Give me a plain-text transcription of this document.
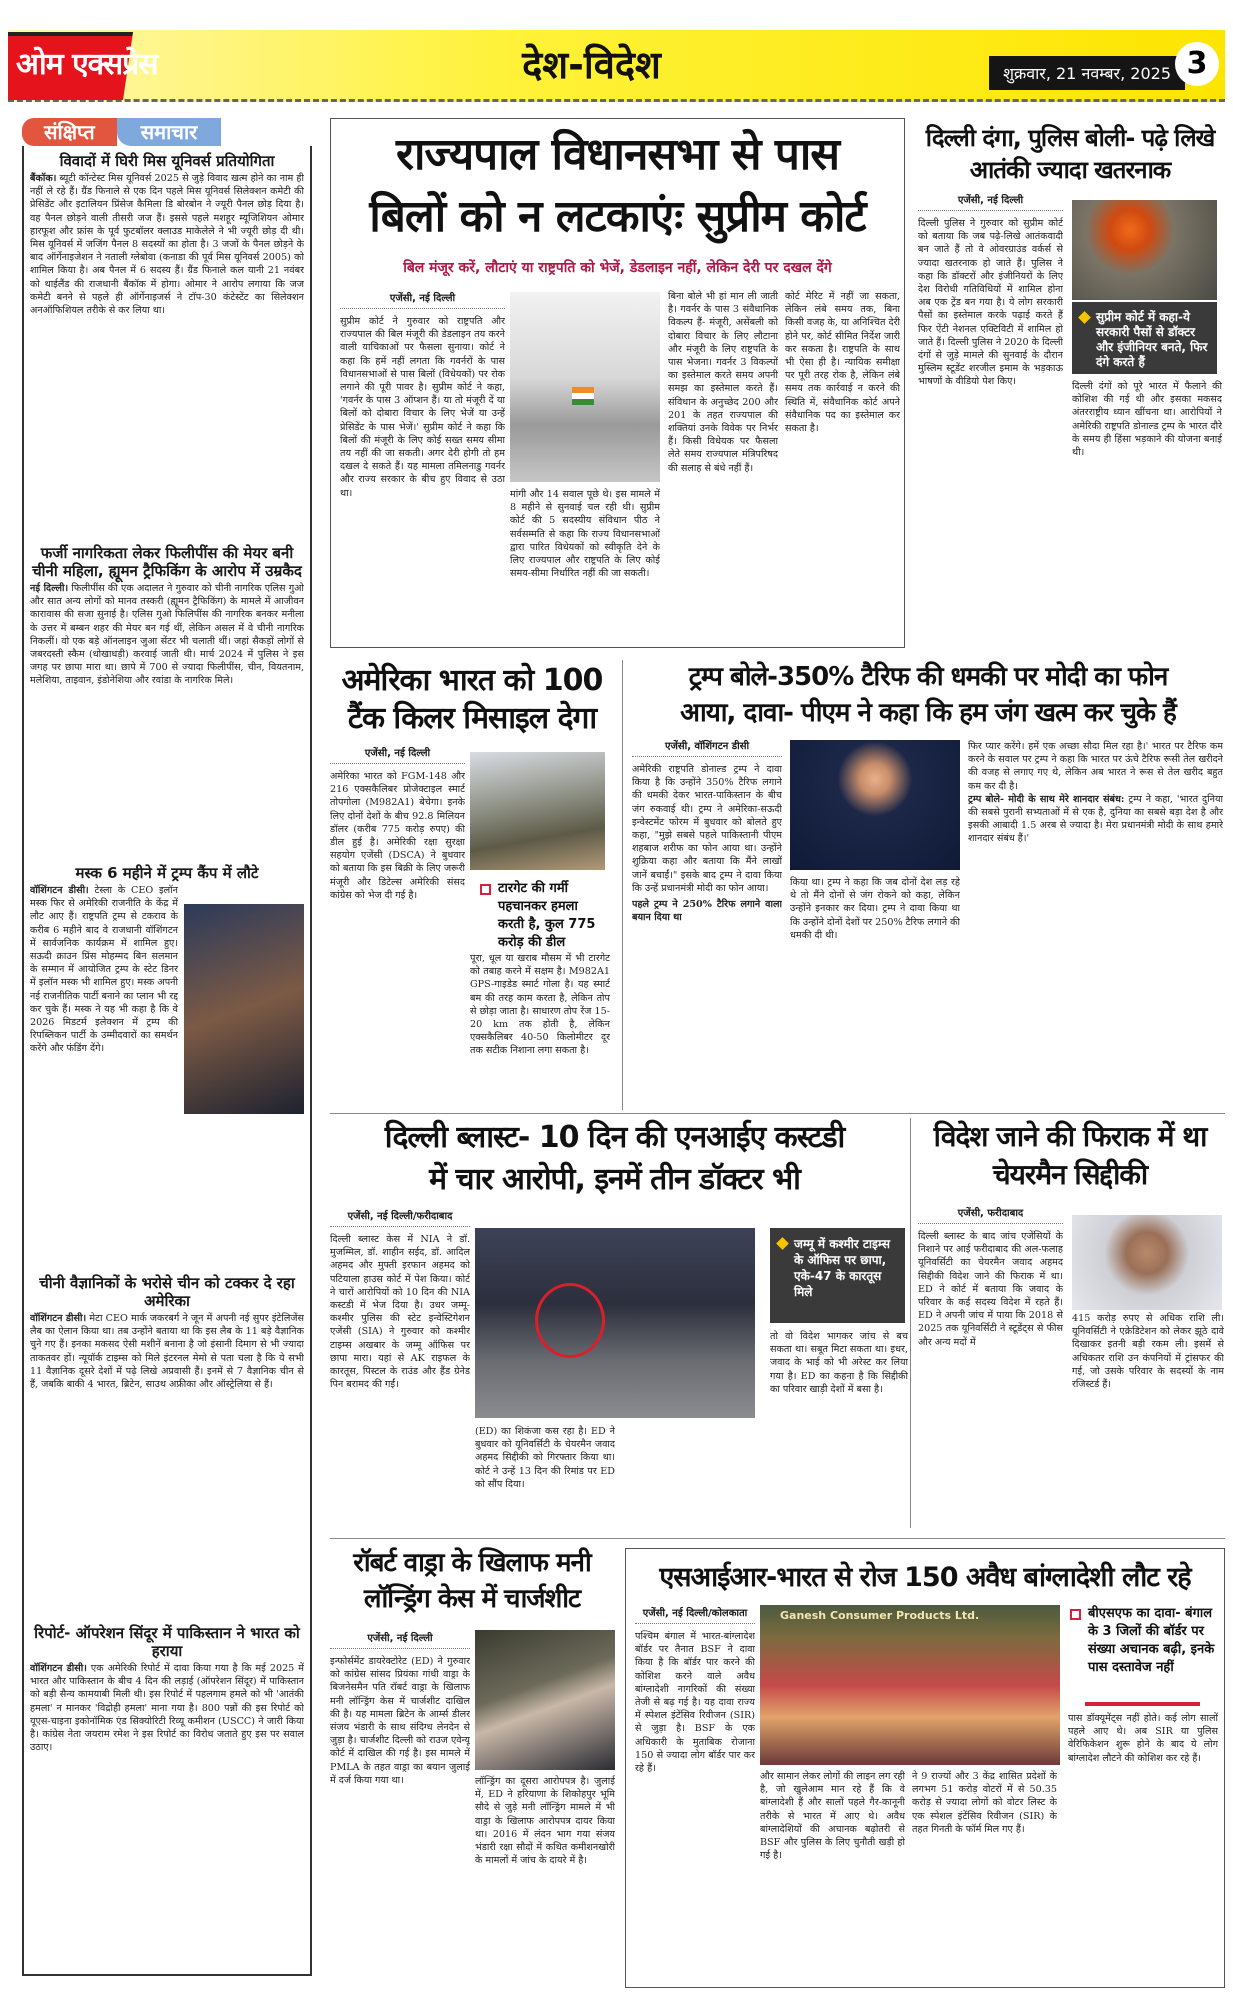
ओम एक्सप्रेस	देश-विदेश	शुक्रवार, 21 नवम्बर, 2025 3
संक्षिप्त	समाचार
विवादों में घिरी मिस यूनिवर्स प्रतियोगिता
बैंकॉक। ब्यूटी कॉन्टेस्ट मिस यूनिवर्स 2025 से जुड़े विवाद खत्म होने का नाम ही नहीं ले रहे हैं। ग्रैंड फिनाले से एक दिन पहले मिस यूनिवर्स सिलेक्शन कमेटी की प्रेसिडेंट और इटालियन प्रिंसेज कैमिला डि बोरबोन ने ज्यूरी पैनल छोड़ दिया है। वह पैनल छोड़ने वाली तीसरी जज हैं। इससे पहले मशहूर म्यूजिशियन ओमार हारफूश और फ्रांस के पूर्व फुटबॉलर क्लाउड माकेलेले ने भी ज्यूरी छोड़ दी थी। मिस यूनिवर्स में जजिंग पैनल 8 सदस्यों का होता है। 3 जजों के पैनल छोड़ने के बाद ऑर्गेनाइजेशन ने नताली ग्लेबोवा (कनाडा की पूर्व मिस यूनिवर्स 2005) को शामिल किया है। अब पैनल में 6 सदस्य हैं। ग्रैंड फिनाले कल यानी 21 नवंबर को थाईलैंड की राजधानी बैंकॉक में होगा। ओमार ने आरोप लगाया कि जज कमेटी बनने से पहले ही ऑर्गेनाइजर्स ने टॉप-30 कंटेस्टेंट का सिलेक्शन अनऑफिशियल तरीके से कर लिया था।
फर्जी नागरिकता लेकर फिलीपींस की मेयर बनी चीनी महिला, ह्यूमन ट्रैफिकिंग के आरोप में उम्रकैद
नई दिल्ली। फिलीपींस की एक अदालत ने गुरुवार को चीनी नागरिक एलिस गुओ और सात अन्य लोगों को मानव तस्करी (ह्यूमन ट्रैफिकिंग) के मामले में आजीवन कारावास की सजा सुनाई है। एलिस गुओ फिलिपींस की नागरिक बनकर मनीला के उत्तर में बम्बन शहर की मेयर बन गई थीं, लेकिन असल में वे चीनी नागरिक निकलीं। वो एक बड़े ऑनलाइन जुआ सेंटर भी चलाती थीं। जहां सैकड़ों लोगों से जबरदस्ती स्कैम (धोखाधड़ी) करवाई जाती थी। मार्च 2024 में पुलिस ने इस जगह पर छापा मारा था। छापे में 700 से ज्यादा फिलीपींस, चीन, वियतनाम, मलेशिया, ताइवान, इंडोनेशिया और रवांडा के नागरिक मिले।
मस्क 6 महीने में ट्रम्प कैंप में लौटे
वॉशिंगटन डीसी। टेस्ला के CEO इलॉन मस्क फिर से अमेरिकी राजनीति के केंद्र में लौट आए हैं। राष्ट्रपति ट्रम्प से टकराव के करीब 6 महीने बाद वे राजधानी वॉशिंगटन में सार्वजनिक कार्यक्रम में शामिल हुए। सऊदी क्राउन प्रिंस मोहम्मद बिन सलमान के सम्मान में आयोजित ट्रम्प के स्टेट डिनर में इलॉन मस्क भी शामिल हुए। मस्क अपनी नई राजनीतिक पार्टी बनाने का प्लान भी रद्द कर चुके हैं। मस्क ने यह भी कहा है कि वे 2026 मिडटर्म इलेक्शन में ट्रम्प की रिपब्लिकन पार्टी के उम्मीदवारों का समर्थन करेंगे और फंडिंग देंगे।
चीनी वैज्ञानिकों के भरोसे चीन को टक्कर दे रहा अमेरिका
वॉशिंगटन डीसी। मेटा CEO मार्क जकरबर्ग ने जून में अपनी नई सुपर इंटेलिजेंस लैब का ऐलान किया था। तब उन्होंने बताया था कि इस लैब के 11 बड़े वैज्ञानिक चुने गए हैं। इनका मकसद ऐसी मशीनें बनाना है जो इंसानी दिमाग से भी ज्यादा ताकतवर हों। न्यूयॉर्क टाइम्स को मिले इंटरनल मेमो से पता चला है कि ये सभी 11 वैज्ञानिक दूसरे देशों में पढ़े लिखे अप्रवासी हैं। इनमें से 7 वैज्ञानिक चीन से हैं, जबकि बाकी 4 भारत, ब्रिटेन, साउथ अफ्रीका और ऑस्ट्रेलिया से हैं।
रिपोर्ट- ऑपरेशन सिंदूर में पाकिस्तान ने भारत को हराया
वॉशिंगटन डीसी। एक अमेरिकी रिपोर्ट में दावा किया गया है कि मई 2025 में भारत और पाकिस्तान के बीच 4 दिन की लड़ाई (ऑपरेशन सिंदूर) में पाकिस्तान को बड़ी सैन्य कामयाबी मिली थी। इस रिपोर्ट में पहलगाम हमले को भी 'आतंकी हमला' न मानकर 'विद्रोही हमला' माना गया है। 800 पन्नों की इस रिपोर्ट को यूएस-चाइना इकोनॉमिक एंड सिक्योरिटी रिव्यू कमीशन (USCC) ने जारी किया है। कांग्रेस नेता जयराम रमेश ने इस रिपोर्ट का विरोध जताते हुए इस पर सवाल उठाए।
राज्यपाल विधानसभा से पास
बिलों को न लटकाएंः सुप्रीम कोर्ट
बिल मंजूर करें, लौटाएं या राष्ट्रपति को भेजें, डेडलाइन नहीं, लेकिन देरी पर दखल देंगे
एजेंसी, नई दिल्ली
सुप्रीम कोर्ट ने गुरुवार को राष्ट्रपति और राज्यपाल की बिल मंजूरी की डेडलाइन तय करने वाली याचिकाओं पर फैसला सुनाया। कोर्ट ने कहा कि हमें नहीं लगता कि गवर्नरों के पास विधानसभाओं से पास बिलों (विधेयकों) पर रोक लगाने की पूरी पावर है। सुप्रीम कोर्ट ने कहा, 'गवर्नर के पास 3 ऑप्शन हैं। या तो मंजूरी दें या बिलों को दोबारा विचार के लिए भेजें या उन्हें प्रेसिडेंट के पास भेजें।' सुप्रीम कोर्ट ने कहा कि बिलों की मंजूरी के लिए कोई सख्त समय सीमा तय नहीं की जा सकती। अगर देरी होगी तो हम दखल दे सकते हैं। यह मामला तमिलनाडु गवर्नर और राज्य सरकार के बीच हुए विवाद से उठा था।	मांगी और 14 सवाल पूछे थे। इस मामले में 8 महीने से सुनवाई चल रही थी। सुप्रीम कोर्ट की 5 सदस्यीय संविधान पीठ ने सर्वसम्मति से कहा कि राज्य विधानसभाओं द्वारा पारित विधेयकों को स्वीकृति देने के लिए राज्यपाल और राष्ट्रपति के लिए कोई समय-सीमा निर्धारित नहीं की जा सकती।
बिना बोले भी हां मान ली जाती है। गवर्नर के पास 3 संवैधानिक विकल्प हैं- मंजूरी, असेंबली को दोबारा विचार के लिए लौटाना और मंजूरी के लिए राष्ट्रपति के पास भेजना। गवर्नर 3 विकल्पों का इस्तेमाल करते समय अपनी समझ का इस्तेमाल करते हैं। संविधान के अनुच्छेद 200 और 201 के तहत राज्यपाल की शक्तियां उनके विवेक पर निर्भर हैं। किसी विधेयक पर फैसला लेते समय राज्यपाल मंत्रिपरिषद की सलाह से बंधे नहीं हैं।
कोर्ट मेरिट में नहीं जा सकता, लेकिन लंबे समय तक, बिना किसी वजह के, या अनिश्चित देरी होने पर, कोर्ट सीमित निर्देश जारी कर सकता है। राष्ट्रपति के साथ भी ऐसा ही है। न्यायिक समीक्षा पर पूरी तरह रोक है, लेकिन लंबे समय तक कार्रवाई न करने की स्थिति में, संवैधानिक कोर्ट अपने संवैधानिक पद का इस्तेमाल कर सकता है।
दिल्ली दंगा, पुलिस बोली- पढ़े लिखे आतंकी ज्यादा खतरनाक
एजेंसी, नई दिल्ली
दिल्ली पुलिस ने गुरुवार को सुप्रीम कोर्ट को बताया कि जब पढ़े-लिखे आतंकवादी बन जाते हैं तो वे ओवरग्राउंड वर्कर्स से ज्यादा खतरनाक हो जाते हैं। पुलिस ने कहा कि डॉक्टरों और इंजीनियरों के लिए देश विरोधी गतिविधियों में शामिल होना अब एक ट्रेंड बन गया है। ये लोग सरकारी पैसों का इस्तेमाल करके पढ़ाई करते हैं फिर ऐंटी नेशनल एक्टिविटी में शामिल हो जाते हैं। दिल्ली पुलिस ने 2020 के दिल्ली दंगों से जुड़े मामले की सुनवाई के दौरान मुस्लिम स्टूडेंट शरजील इमाम के भड़काऊ भाषणों के वीडियो पेश किए।
सुप्रीम कोर्ट में कहा-ये सरकारी पैसों से डॉक्टर और इंजीनियर बनते, फिर दंगे करते हैं
दिल्ली दंगों को पूरे भारत में फैलाने की कोशिश की गई थी और इसका मकसद अंतरराष्ट्रीय ध्यान खींचना था। आरोपियों ने अमेरिकी राष्ट्रपति डोनाल्ड ट्रम्प के भारत दौरे के समय ही हिंसा भड़काने की योजना बनाई थी।
अमेरिका भारत को 100 टैंक किलर मिसाइल देगा
एजेंसी, नई दिल्ली
अमेरिका भारत को FGM-148 और 216 एक्सकैलिबर प्रोजेक्टाइल स्मार्ट तोपगोला (M982A1) बेचेगा। इनके लिए दोनों देशों के बीच 92.8 मिलियन डॉलर (करीब 775 करोड़ रुपए) की डील हुई है। अमेरिकी रक्षा सुरक्षा सहयोग एजेंसी (DSCA) ने बुधवार को बताया कि इस बिक्री के लिए जरूरी मंजूरी और डिटेल्स अमेरिकी संसद कांग्रेस को भेज दी गई है।	टारगेट की गर्मी पहचानकर हमला करती है, कुल 775 करोड़ की डील
पूरा, धूल या खराब मौसम में भी टारगेट को तबाह करने में सक्षम है। M982A1 GPS-गाइडेड स्मार्ट गोला है। यह स्मार्ट बम की तरह काम करता है, लेकिन तोप से छोड़ा जाता है। साधारण तोप रेंज 15-20 km तक होती है, लेकिन एक्सकैलिबर 40-50 किलोमीटर दूर तक सटीक निशाना लगा सकता है।
ट्रम्प बोले-350% टैरिफ की धमकी पर मोदी का फोन
आया, दावा- पीएम ने कहा कि हम जंग खत्म कर चुके हैं
एजेंसी, वॉशिंगटन डीसी
अमेरिकी राष्ट्रपति डोनाल्ड ट्रम्प ने दावा किया है कि उन्होंने 350% टैरिफ लगाने की धमकी देकर भारत-पाकिस्तान के बीच जंग रुकवाई थी। ट्रम्प ने अमेरिका-सऊदी इन्वेस्टमेंट फोरम में बुधवार को बोलते हुए कहा, "मुझे सबसे पहले पाकिस्तानी पीएम शहबाज शरीफ का फोन आया था। उन्होंने शुक्रिया कहा और बताया कि मैंने लाखों जानें बचाईं।" इसके बाद ट्रम्प ने दावा किया कि उन्हें प्रधानमंत्री मोदी का फोन आया।
पहले ट्रम्प ने 250% टैरिफ लगाने वाला बयान दिया था
किया था। ट्रम्प ने कहा कि जब दोनों देश लड़ रहे थे तो मैंने दोनों से जंग रोकने को कहा, लेकिन उन्होंने इनकार कर दिया। ट्रम्प ने दावा किया था कि उन्होंने दोनों देशों पर 250% टैरिफ लगाने की धमकी दी थी।
फिर प्यार करेंगे। हमें एक अच्छा सौदा मिल रहा है।' भारत पर टैरिफ कम करने के सवाल पर ट्रम्प ने कहा कि भारत पर ऊंचे टैरिफ रूसी तेल खरीदने की वजह से लगाए गए थे, लेकिन अब भारत ने रूस से तेल खरीद बहुत कम कर दी है।
ट्रम्प बोले- मोदी के साथ मेरे शानदार संबंध: ट्रम्प ने कहा, 'भारत दुनिया की सबसे पुरानी सभ्यताओं में से एक है, दुनिया का सबसे बड़ा देश है और इसकी आबादी 1.5 अरब से ज्यादा है। मेरा प्रधानमंत्री मोदी के साथ हमारे शानदार संबंध हैं।'
दिल्ली ब्लास्ट- 10 दिन की एनआईए कस्टडी
में चार आरोपी, इनमें तीन डॉक्टर भी
एजेंसी, नई दिल्ली/फरीदाबाद
दिल्ली ब्लास्ट केस में NIA ने डॉ. मुजम्मिल, डॉ. शाहीन सईद, डॉ. आदिल अहमद और मुफ्ती इरफान अहमद को पटियाला हाउस कोर्ट में पेश किया। कोर्ट ने चारों आरोपियों को 10 दिन की NIA कस्टडी में भेज दिया है। उधर जम्मू-कश्मीर पुलिस की स्टेट इन्वेस्टिगेशन एजेंसी (SIA) ने गुरुवार को कश्मीर टाइम्स अखबार के जम्मू ऑफिस पर छापा मारा। यहां से AK राइफल के कारतूस, पिस्टल के राउंड और हैंड ग्रेनेड पिन बरामद की गईं।
जम्मू में कश्मीर टाइम्स के ऑफिस पर छापा, एके-47 के कारतूस मिले
(ED) का शिकंजा कस रहा है। ED ने बुधवार को यूनिवर्सिटी के चेयरमैन जवाद अहमद सिद्दीकी को गिरफ्तार किया था। कोर्ट ने उन्हें 13 दिन की रिमांड पर ED को सौंप दिया।
तो वो विदेश भागकर जांच से बच सकता था। सबूत मिटा सकता था। इधर, जवाद के भाई को भी अरेस्ट कर लिया गया है। ED का कहना है कि सिद्दीकी का परिवार खाड़ी देशों में बसा है।
विदेश जाने की फिराक में था चेयरमैन सिद्दीकी
एजेंसी, फरीदाबाद
दिल्ली ब्लास्ट के बाद जांच एजेंसियों के निशाने पर आई फरीदाबाद की अल-फलाह यूनिवर्सिटी का चेयरमैन जवाद अहमद सिद्दीकी विदेश जाने की फिराक में था। ED ने कोर्ट में बताया कि जवाद के परिवार के कई सदस्य विदेश में रहते हैं। ED ने अपनी जांच में पाया कि 2018 से 2025 तक यूनिवर्सिटी ने स्टूडेंट्स से फीस और अन्य मदों में
415 करोड़ रुपए से अधिक राशि ली। यूनिवर्सिटी ने एक्रेडिटेशन को लेकर झूठे दावे दिखाकर इतनी बड़ी रकम ली। इसमें से अधिकतर राशि उन कंपनियों में ट्रांसफर की गई, जो उसके परिवार के सदस्यों के नाम रजिस्टर्ड हैं।
रॉबर्ट वाड्रा के खिलाफ मनी लॉन्ड्रिंग केस में चार्जशीट
एजेंसी, नई दिल्ली
इन्फोर्समेंट डायरेक्टोरेट (ED) ने गुरुवार को कांग्रेस सांसद प्रियंका गांधी वाड्रा के बिजनेसमैन पति रॉबर्ट वाड्रा के खिलाफ मनी लॉन्ड्रिंग केस में चार्जशीट दाखिल की है। यह मामला ब्रिटेन के आर्म्स डीलर संजय भंडारी के साथ संदिग्ध लेनदेन से जुड़ा है। चार्जशीट दिल्ली को राउज एवेन्यू कोर्ट में दाखिल की गई है। इस मामले में PMLA के तहत वाड्रा का बयान जुलाई में दर्ज किया गया था।	लॉन्ड्रिंग का दूसरा आरोपपत्र है। जुलाई में, ED ने हरियाणा के शिकोहपुर भूमि सौदे से जुड़े मनी लॉन्ड्रिंग मामले में भी वाड्रा के खिलाफ आरोपपत्र दायर किया था। 2016 में लंदन भाग गया संजय भंडारी रक्षा सौदों में कथित कमीशनखोरी के मामलों में जांच के दायरे में है।
एसआईआर-भारत से रोज 150 अवैध बांग्लादेशी लौट रहे
एजेंसी, नई दिल्ली/कोलकाता
पश्चिम बंगाल में भारत-बांग्लादेश बॉर्डर पर तैनात BSF ने दावा किया है कि बॉर्डर पार करने की कोशिश करने वाले अवैध बांग्लादेशी नागरिकों की संख्या तेजी से बढ़ गई है। यह दावा राज्य में स्पेशल इंटेंसिव रिवीजन (SIR) से जुड़ा है। BSF के एक अधिकारी के मुताबिक रोजाना 150 से ज्यादा लोग बॉर्डर पार कर रहे हैं।
Ganesh Consumer Products Ltd.	बीएसएफ का दावा- बंगाल के 3 जिलों की बॉर्डर पर संख्या अचानक बढ़ी, इनके पास दस्तावेज नहीं
और सामान लेकर लोगों की लाइन लग रही है, जो खुलेआम मान रहे हैं कि वे बांग्लादेशी हैं और सालों पहले गैर-कानूनी तरीके से भारत में आए थे। अवैध बांग्लादेशियों की अचानक बढ़ोतरी से BSF और पुलिस के लिए चुनौती खड़ी हो गई है।
ने 9 राज्यों और 3 केंद्र शासित प्रदेशों के लगभग 51 करोड़ वोटरों में से 50.35 करोड़ से ज्यादा लोगों को वोटर लिस्ट के एक स्पेशल इंटेंसिव रिवीजन (SIR) के तहत गिनती के फॉर्म मिल गए हैं।
पास डॉक्यूमेंट्स नहीं होते। कई लोग सालों पहले आए थे। अब SIR या पुलिस वेरिफिकेशन शुरू होने के बाद ये लोग बांग्लादेश लौटने की कोशिश कर रहे हैं।
